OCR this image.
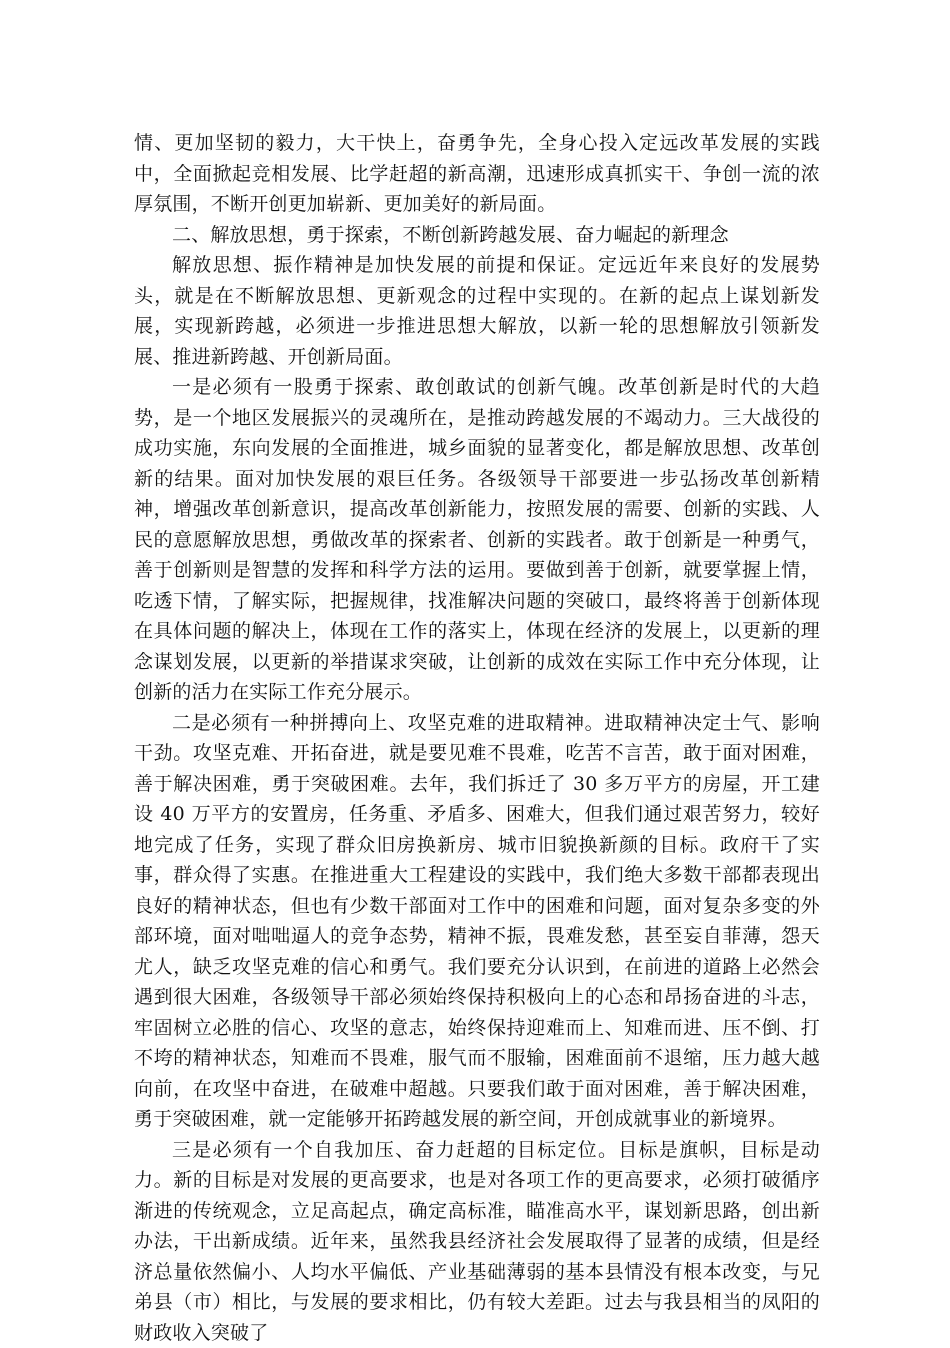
情、更加坚韧的毅力，大干快上，奋勇争先，全身心投入定远改革发展的实践中，全面掀起竞相发展、比学赶超的新高潮，迅速形成真抓实干、争创一流的浓厚氛围，不断开创更加崭新、更加美好的新局面。

二、解放思想，勇于探索，不断创新跨越发展、奋力崛起的新理念

解放思想、振作精神是加快发展的前提和保证。定远近年来良好的发展势头，就是在不断解放思想、更新观念的过程中实现的。在新的起点上谋划新发展，实现新跨越，必须进一步推进思想大解放，以新一轮的思想解放引领新发展、推进新跨越、开创新局面。

一是必须有一股勇于探索、敢创敢试的创新气魄。改革创新是时代的大趋势，是一个地区发展振兴的灵魂所在，是推动跨越发展的不竭动力。三大战役的成功实施，东向发展的全面推进，城乡面貌的显著变化，都是解放思想、改革创新的结果。面对加快发展的艰巨任务。各级领导干部要进一步弘扬改革创新精神，增强改革创新意识，提高改革创新能力，按照发展的需要、创新的实践、人民的意愿解放思想，勇做改革的探索者、创新的实践者。敢于创新是一种勇气，善于创新则是智慧的发挥和科学方法的运用。要做到善于创新，就要掌握上情，吃透下情，了解实际，把握规律，找准解决问题的突破口，最终将善于创新体现在具体问题的解决上，体现在工作的落实上，体现在经济的发展上，以更新的理念谋划发展，以更新的举措谋求突破，让创新的成效在实际工作中充分体现，让创新的活力在实际工作充分展示。

二是必须有一种拼搏向上、攻坚克难的进取精神。进取精神决定士气、影响干劲。攻坚克难、开拓奋进，就是要见难不畏难，吃苦不言苦，敢于面对困难，善于解决困难，勇于突破困难。去年，我们拆迁了 30 多万平方的房屋，开工建设 40 万平方的安置房，任务重、矛盾多、困难大，但我们通过艰苦努力，较好地完成了任务，实现了群众旧房换新房、城市旧貌换新颜的目标。政府干了实事，群众得了实惠。在推进重大工程建设的实践中，我们绝大多数干部都表现出良好的精神状态，但也有少数干部面对工作中的困难和问题，面对复杂多变的外部环境，面对咄咄逼人的竞争态势，精神不振，畏难发愁，甚至妄自菲薄，怨天尤人，缺乏攻坚克难的信心和勇气。我们要充分认识到，在前进的道路上必然会遇到很大困难，各级领导干部必须始终保持积极向上的心态和昂扬奋进的斗志，牢固树立必胜的信心、攻坚的意志，始终保持迎难而上、知难而进、压不倒、打不垮的精神状态，知难而不畏难，服气而不服输，困难面前不退缩，压力越大越向前，在攻坚中奋进，在破难中超越。只要我们敢于面对困难，善于解决困难，勇于突破困难，就一定能够开拓跨越发展的新空间，开创成就事业的新境界。

三是必须有一个自我加压、奋力赶超的目标定位。目标是旗帜，目标是动力。新的目标是对发展的更高要求，也是对各项工作的更高要求，必须打破循序渐进的传统观念，立足高起点，确定高标准，瞄准高水平，谋划新思路，创出新办法，干出新成绩。近年来，虽然我县经济社会发展取得了显著的成绩，但是经济总量依然偏小、人均水平偏低、产业基础薄弱的基本县情没有根本改变，与兄弟县（市）相比，与发展的要求相比，仍有较大差距。过去与我县相当的凤阳的财政收入突破了
